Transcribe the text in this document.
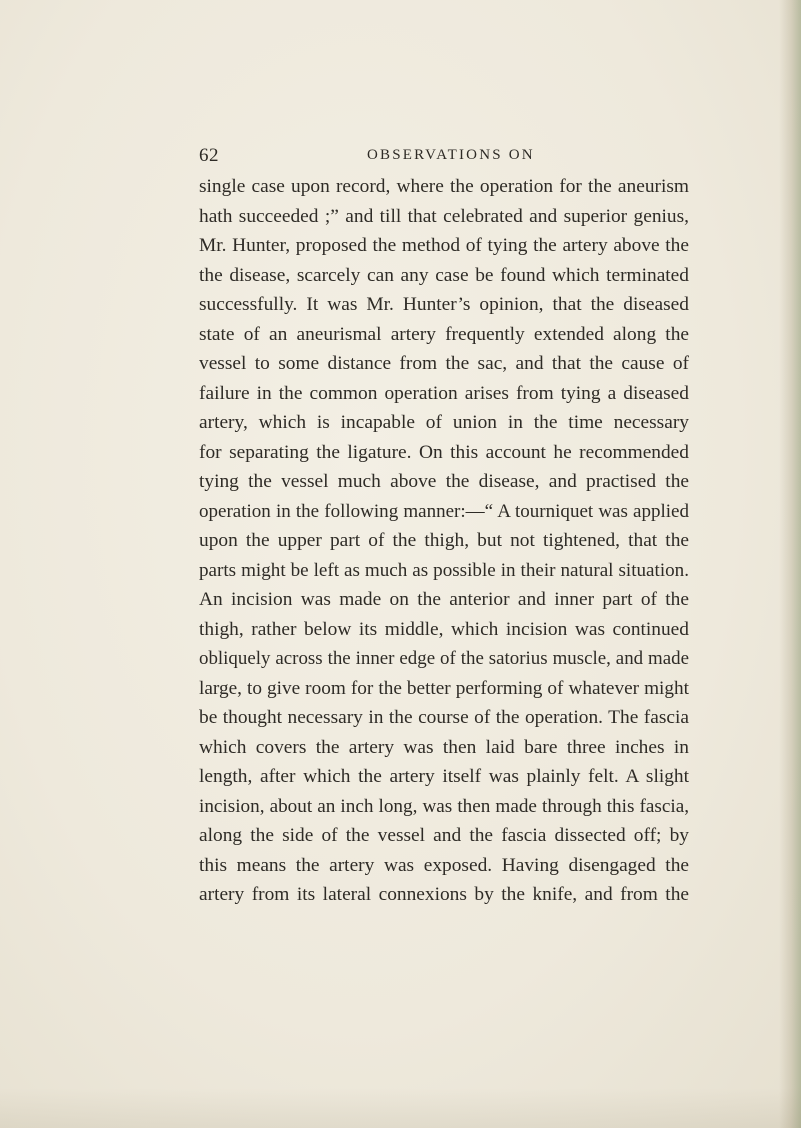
62	OBSERVATIONS ON
single case upon record, where the operation for the aneurism
hath succeeded ;” and till that celebrated and superior genius,
Mr. Hunter, proposed the method of tying the artery above the
the disease, scarcely can any case be found which terminated
successfully. It was Mr. Hunter’s opinion, that the diseased
state of an aneurismal artery frequently extended along the
vessel to some distance from the sac, and that the cause of
failure in the common operation arises from tying a diseased
artery, which is incapable of union in the time necessary
for separating the ligature. On this account he recommended
tying the vessel much above the disease, and practised the
operation in the following manner:—“ A tourniquet was applied
upon the upper part of the thigh, but not tightened, that the
parts might be left as much as possible in their natural situation.
An incision was made on the anterior and inner part of the
thigh, rather below its middle, which incision was continued
obliquely across the inner edge of the satorius muscle, and made
large, to give room for the better performing of whatever might
be thought necessary in the course of the operation. The fascia
which covers the artery was then laid bare three inches in
length, after which the artery itself was plainly felt. A slight
incision, about an inch long, was then made through this fascia,
along the side of the vessel and the fascia dissected off; by
this means the artery was exposed. Having disengaged the
artery from its lateral connexions by the knife, and from the
